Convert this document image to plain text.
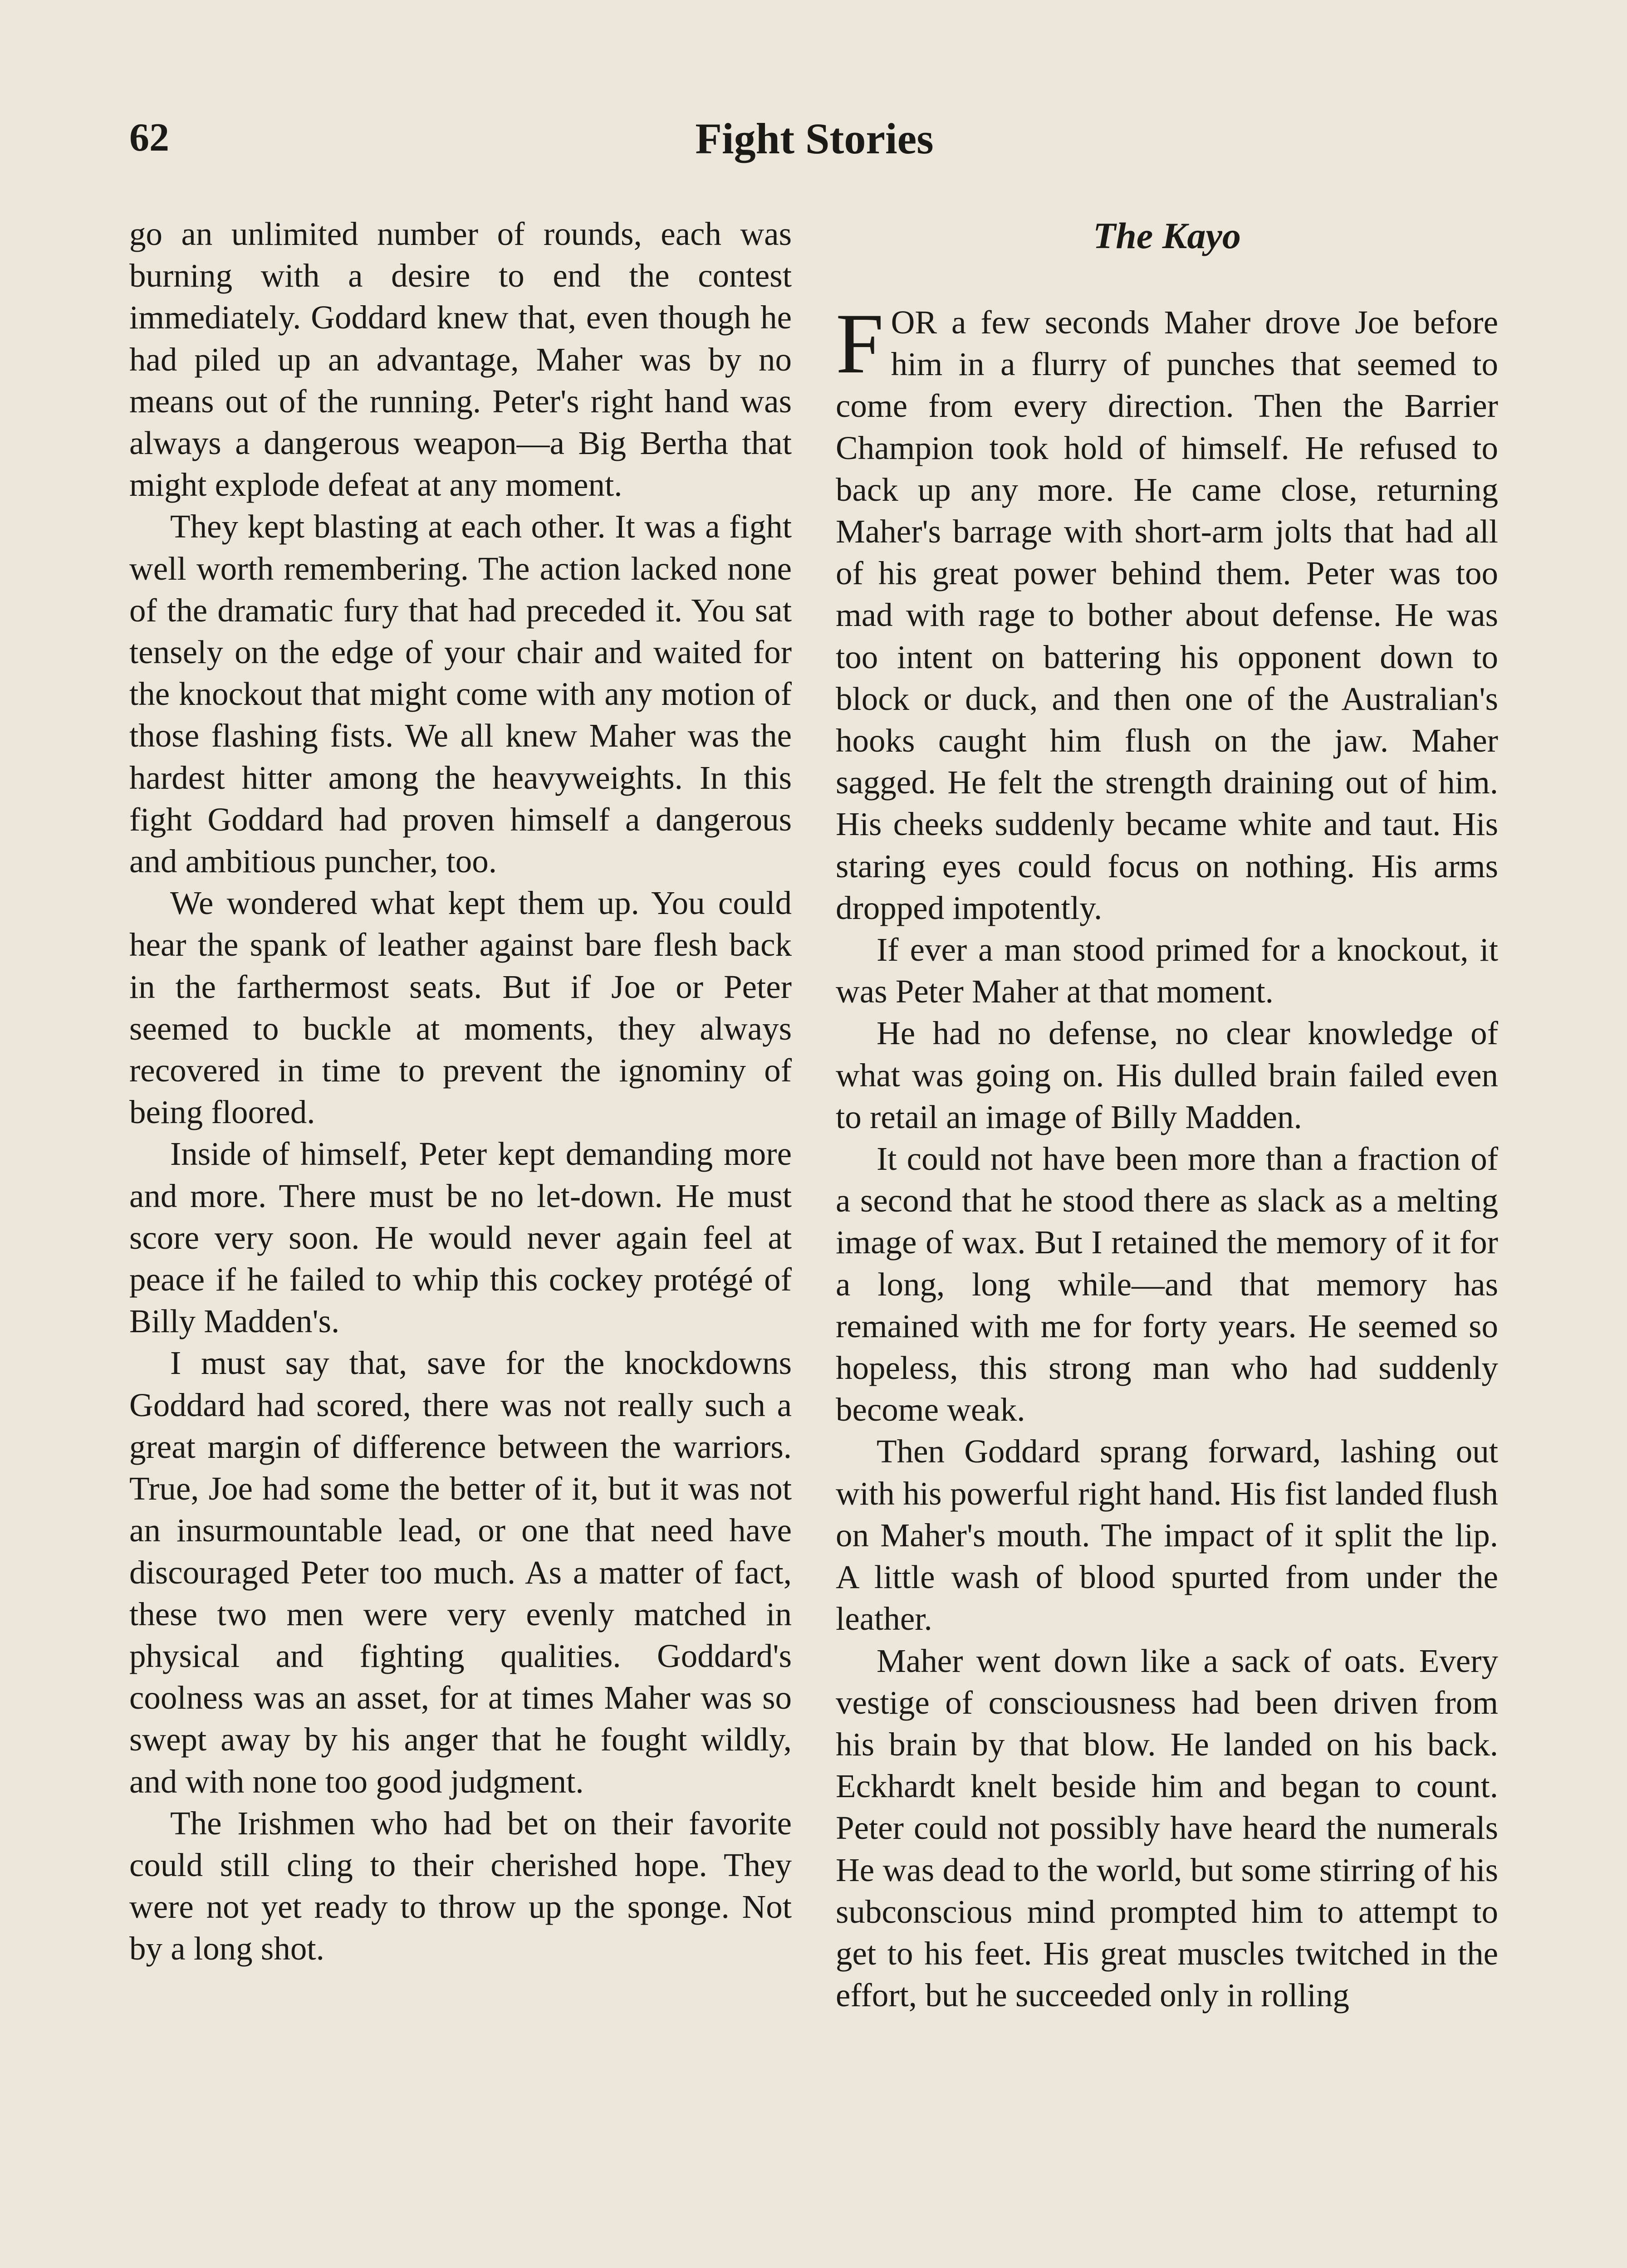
62	Fight Stories

go an unlimited number of rounds, each was burning with a desire to end the contest immediately. Goddard knew that, even though he had piled up an advantage, Maher was by no means out of the running. Peter's right hand was always a dangerous weapon—a Big Bertha that might explode defeat at any moment.

They kept blasting at each other. It was a fight well worth remembering. The action lacked none of the dramatic fury that had preceded it. You sat tensely on the edge of your chair and waited for the knockout that might come with any motion of those flashing fists. We all knew Maher was the hardest hitter among the heavyweights. In this fight Goddard had proven himself a dangerous and ambitious puncher, too.

We wondered what kept them up. You could hear the spank of leather against bare flesh back in the farthermost seats. But if Joe or Peter seemed to buckle at moments, they always recovered in time to prevent the ignominy of being floored.

Inside of himself, Peter kept demanding more and more. There must be no let-down. He must score very soon. He would never again feel at peace if he failed to whip this cockey protégé of Billy Madden's.

I must say that, save for the knockdowns Goddard had scored, there was not really such a great margin of difference between the warriors. True, Joe had some the better of it, but it was not an insurmountable lead, or one that need have discouraged Peter too much. As a matter of fact, these two men were very evenly matched in physical and fighting qualities. Goddard's coolness was an asset, for at times Maher was so swept away by his anger that he fought wildly, and with none too good judgment.

The Irishmen who had bet on their favorite could still cling to their cherished hope. They were not yet ready to throw up the sponge. Not by a long shot.

The Kayo

FOR a few seconds Maher drove Joe before him in a flurry of punches that seemed to come from every direction. Then the Barrier Champion took hold of himself. He refused to back up any more. He came close, returning Maher's barrage with short-arm jolts that had all of his great power behind them. Peter was too mad with rage to bother about defense. He was too intent on battering his opponent down to block or duck, and then one of the Australian's hooks caught him flush on the jaw. Maher sagged. He felt the strength draining out of him. His cheeks suddenly became white and taut. His staring eyes could focus on nothing. His arms dropped impotently.

If ever a man stood primed for a knockout, it was Peter Maher at that moment.

He had no defense, no clear knowledge of what was going on. His dulled brain failed even to retail an image of Billy Madden.

It could not have been more than a fraction of a second that he stood there as slack as a melting image of wax. But I retained the memory of it for a long, long while—and that memory has remained with me for forty years. He seemed so hopeless, this strong man who had suddenly become weak.

Then Goddard sprang forward, lashing out with his powerful right hand. His fist landed flush on Maher's mouth. The impact of it split the lip. A little wash of blood spurted from under the leather.

Maher went down like a sack of oats. Every vestige of consciousness had been driven from his brain by that blow. He landed on his back. Eckhardt knelt beside him and began to count. Peter could not possibly have heard the numerals He was dead to the world, but some stirring of his subconscious mind prompted him to attempt to get to his feet. His great muscles twitched in the effort, but he succeeded only in rolling
